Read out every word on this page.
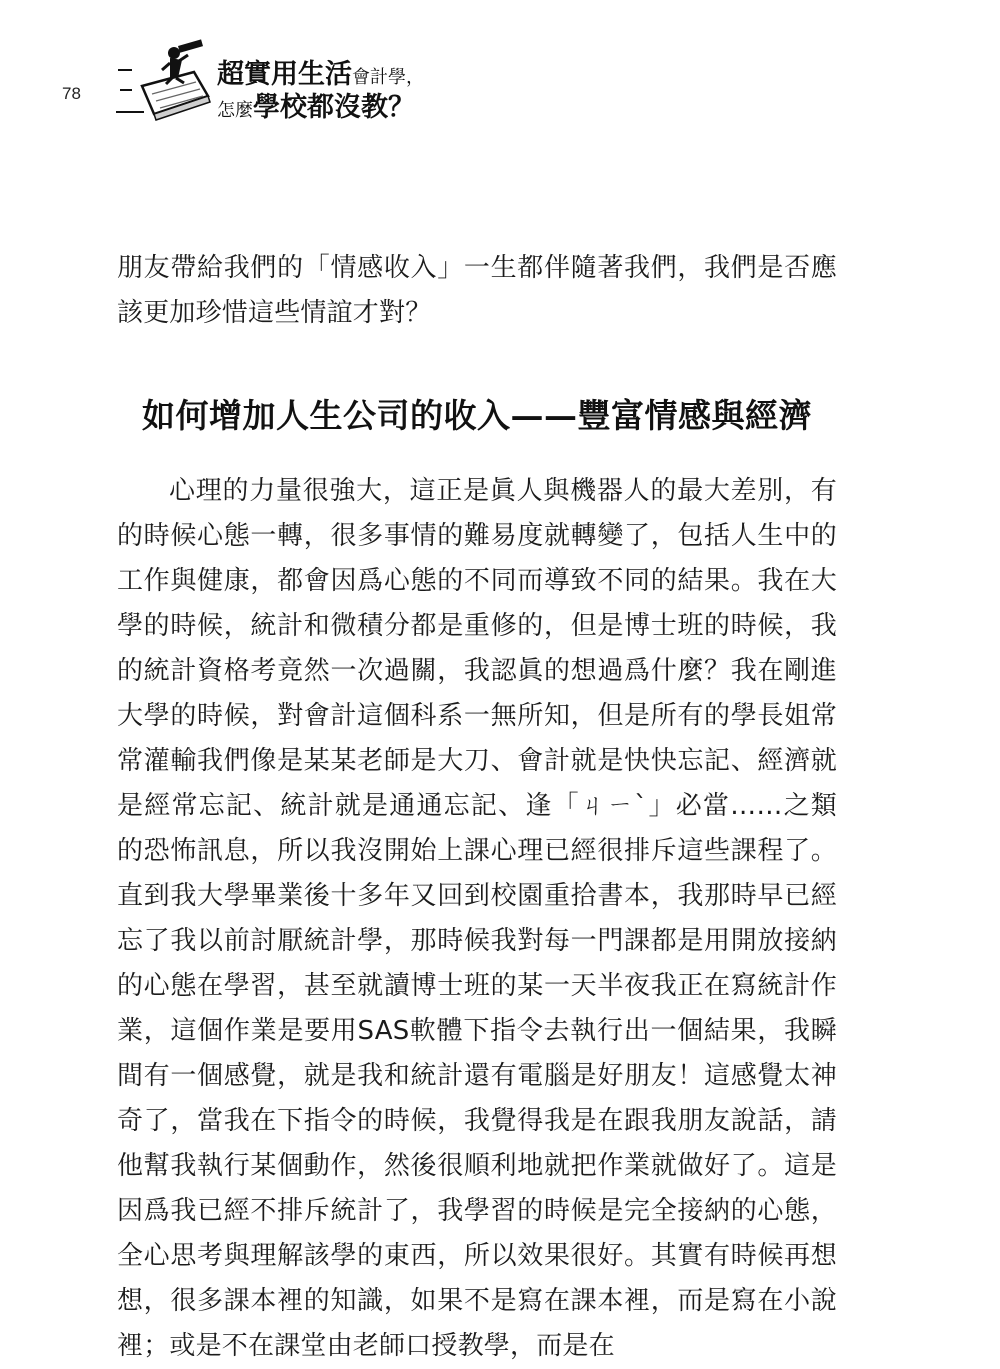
78
超實用生活會計學，
怎麼學校都沒教？

朋友帶給我們的「情感收入」一生都伴隨著我們，我們是否應該更加珍惜這些情誼才對？

如何增加人生公司的收入——豐富情感與經濟

心理的力量很強大，這正是眞人與機器人的最大差別，有的時候心態一轉，很多事情的難易度就轉變了，包括人生中的工作與健康，都會因爲心態的不同而導致不同的結果。我在大學的時候，統計和微積分都是重修的，但是博士班的時候，我的統計資格考竟然一次過關，我認眞的想過爲什麼？我在剛進大學的時候，對會計這個科系一無所知，但是所有的學長姐常常灌輸我們像是某某老師是大刀、會計就是快快忘記、經濟就是經常忘記、統計就是通通忘記、逢「ㄐㄧˋ」必當……之類的恐怖訊息，所以我沒開始上課心理已經很排斥這些課程了。直到我大學畢業後十多年又回到校園重拾書本，我那時早已經忘了我以前討厭統計學，那時候我對每一門課都是用開放接納的心態在學習，甚至就讀博士班的某一天半夜我正在寫統計作業，這個作業是要用SAS軟體下指令去執行出一個結果，我瞬間有一個感覺，就是我和統計還有電腦是好朋友！這感覺太神奇了，當我在下指令的時候，我覺得我是在跟我朋友說話，請他幫我執行某個動作，然後很順利地就把作業就做好了。這是因爲我已經不排斥統計了，我學習的時候是完全接納的心態，全心思考與理解該學的東西，所以效果很好。其實有時候再想想，很多課本裡的知識，如果不是寫在課本裡，而是寫在小說裡；或是不在課堂由老師口授教學，而是在
